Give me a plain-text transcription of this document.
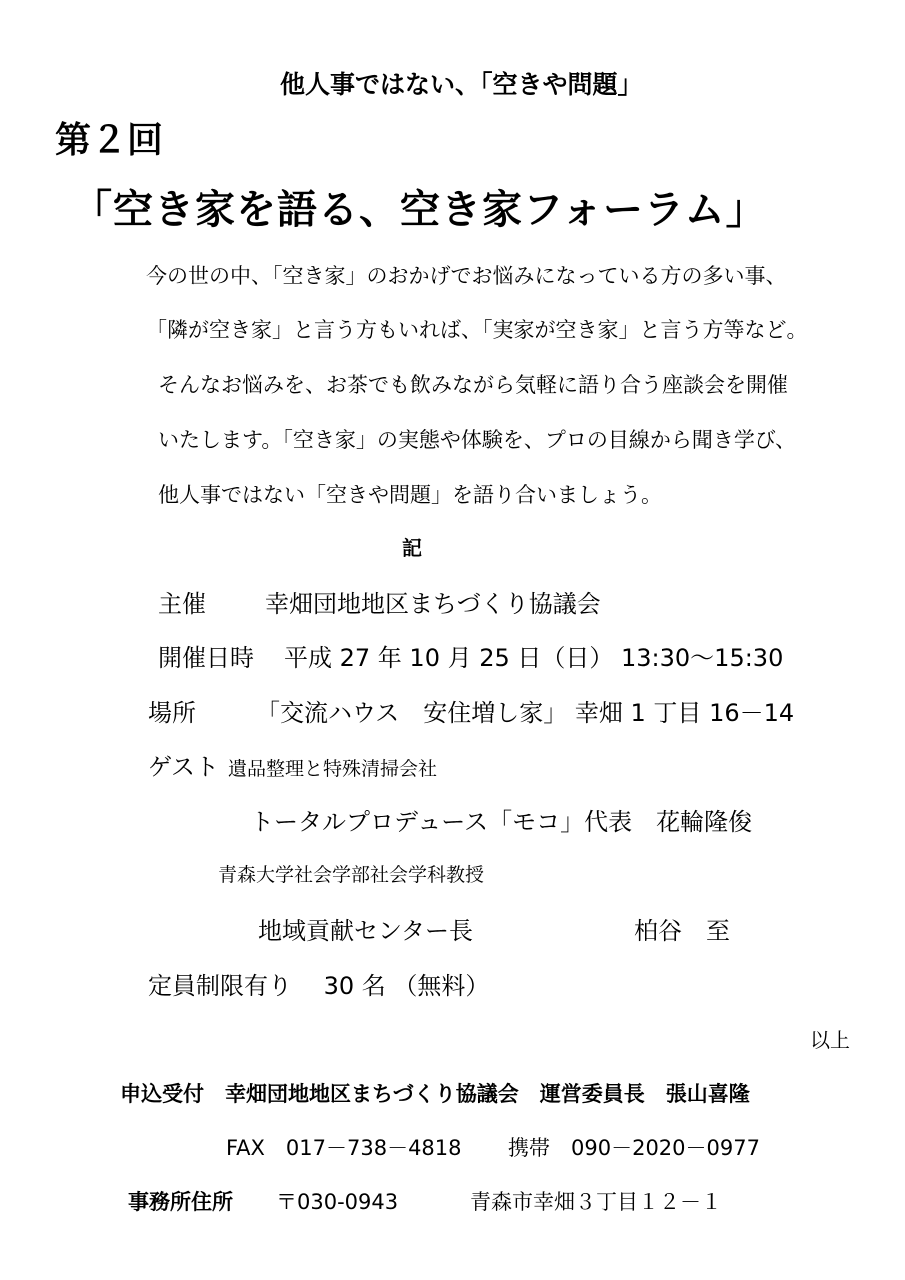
他人事ではない、「空きや問題」
第２回
「空き家を語る、空き家フォーラム」
今の世の中、「空き家」のおかげでお悩みになっている方の多い事、
「隣が空き家」と言う方もいれば、「実家が空き家」と言う方等など。
そんなお悩みを、お茶でも飲みながら気軽に語り合う座談会を開催
いたします。「空き家」の実態や体験を、プロの目線から聞き学び、
他人事ではない「空きや問題」を語り合いましょう。
記
主催 幸畑団地地区まちづくり協議会
開催日時 平成 27 年 10 月 25 日（日） 13:30～15:30
場所	「交流ハウス　安住増し家」 幸畑 1 丁目 16－14
ゲスト 遺品整理と特殊清掃会社
トータルプロデュース「モコ」代表　花輪隆俊
青森大学社会学部社会学科教授
地域貢献センター長	柏谷　至
定員制限有り　 30 名 （無料）
以上
申込受付　幸畑団地地区まちづくり協議会　運営委員長　張山喜隆
FAX　017－738－4818 携帯　090－2020－0977
事務所住所 〒030-0943	青森市幸畑３丁目１２－１
